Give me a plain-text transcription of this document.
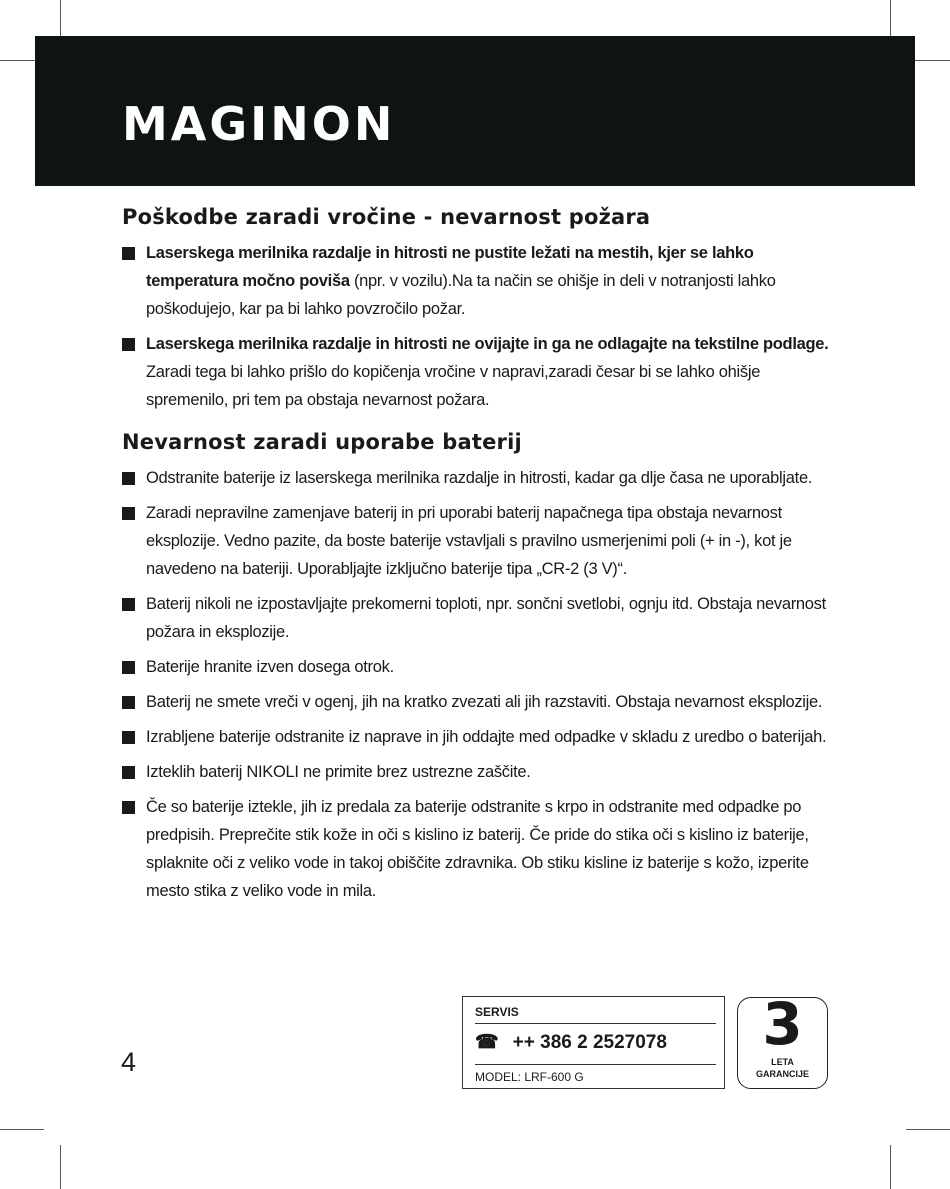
MAGINON
Poškodbe zaradi vročine - nevarnost požara
Laserskega merilnika razdalje in hitrosti ne pustite ležati na mestih, kjer se lahko temperatura močno poviša (npr. v vozilu).Na ta način se ohišje in deli v notranjosti lahko poškodujejo, kar pa bi lahko povzročilo požar.
Laserskega merilnika razdalje in hitrosti ne ovijajte in ga ne odlagajte na tekstilne podlage. Zaradi tega bi lahko prišlo do kopičenja vročine v napravi,zaradi česar bi se lahko ohišje spremenilo, pri tem pa obstaja nevarnost požara.
Nevarnost zaradi uporabe baterij
Odstranite baterije iz laserskega merilnika razdalje in hitrosti, kadar ga dlje časa ne uporabljate.
Zaradi nepravilne zamenjave baterij in pri uporabi baterij napačnega tipa obstaja nevarnost eksplozije. Vedno pazite, da boste baterije vstavljali s pravilno usmerjenimi poli (+ in -), kot je navedeno na bateriji. Uporabljajte izključno baterije tipa „CR-2 (3 V)“.
Baterij nikoli ne izpostavljajte prekomerni toploti, npr. sončni svetlobi, ognju itd. Obstaja nevarnost požara in eksplozije.
Baterije hranite izven dosega otrok.
Baterij ne smete vreči v ogenj, jih na kratko zvezati ali jih razstaviti. Obstaja nevarnost eksplozije.
Izrabljene baterije odstranite iz naprave in jih oddajte med odpadke v skladu z uredbo o baterijah.
Izteklih baterij NIKOLI ne primite brez ustrezne zaščite.
Če so baterije iztekle, jih iz predala za baterije odstranite s krpo in odstranite med odpadke po predpisih. Preprečite stik kože in oči s kislino iz baterij. Če pride do stika oči s kislino iz baterije, splaknite oči z veliko vode in takoj obiščite zdravnika. Ob stiku kisline iz baterije s kožo, izperite mesto stika z veliko vode in mila.
4
SERVIS
☎ ++ 386 2 2527078
MODEL: LRF-600 G
3
LETA
GARANCIJE
